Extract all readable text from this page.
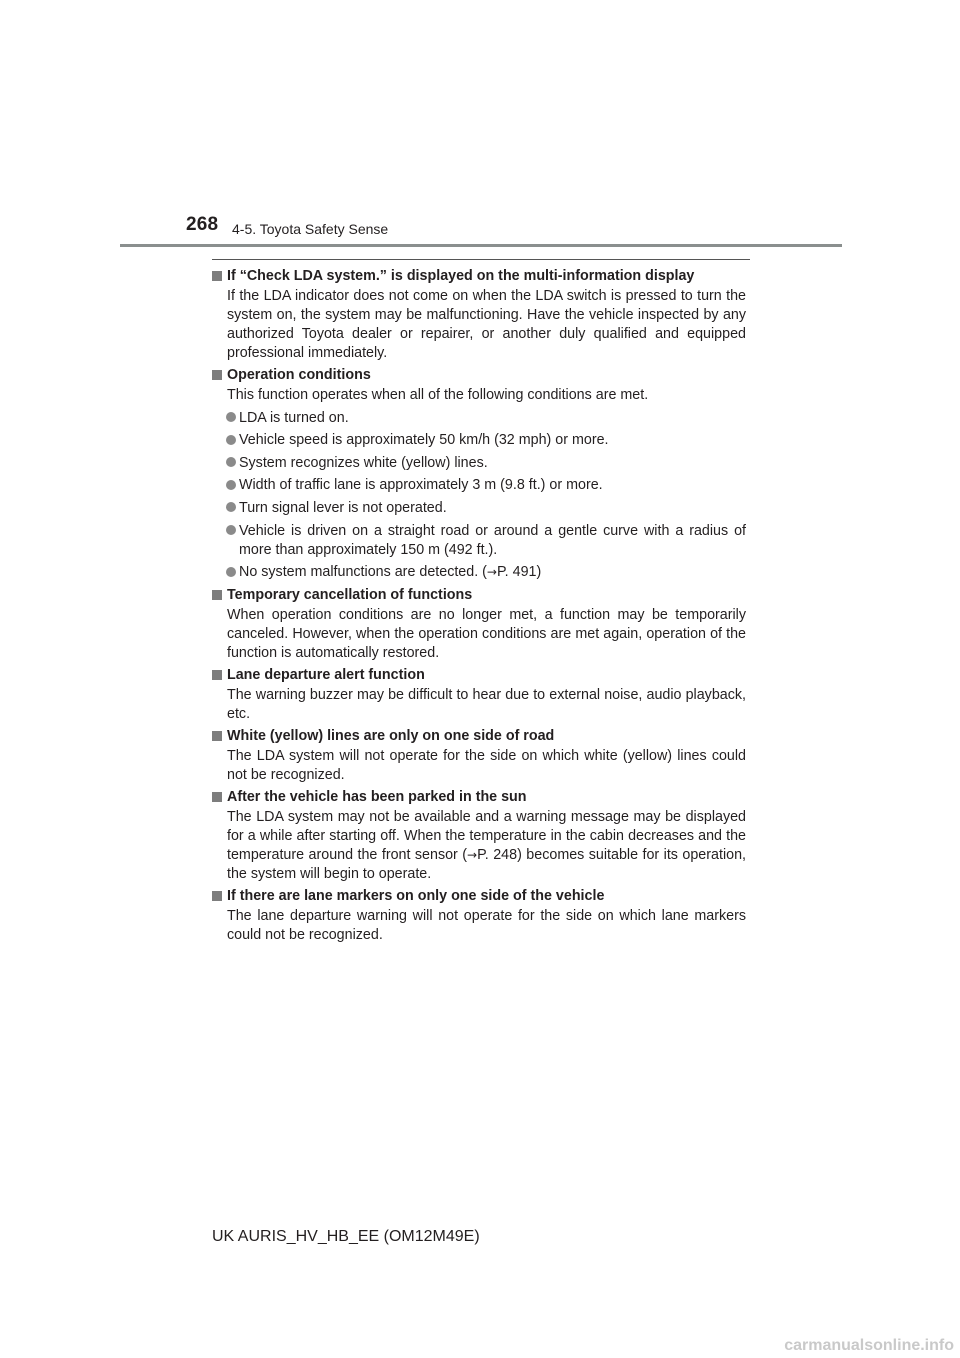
268 4-5. Toyota Safety Sense
If “Check LDA system.” is displayed on the multi-information display
If the LDA indicator does not come on when the LDA switch is pressed to turn the system on, the system may be malfunctioning. Have the vehicle inspected by any authorized Toyota dealer or repairer, or another duly qualified and equipped professional immediately.
Operation conditions
This function operates when all of the following conditions are met.
LDA is turned on.
Vehicle speed is approximately 50 km/h (32 mph) or more.
System recognizes white (yellow) lines.
Width of traffic lane is approximately 3 m (9.8 ft.) or more.
Turn signal lever is not operated.
Vehicle is driven on a straight road or around a gentle curve with a radius of more than approximately 150 m (492 ft.).
No system malfunctions are detected. (→P. 491)
Temporary cancellation of functions
When operation conditions are no longer met, a function may be temporarily canceled. However, when the operation conditions are met again, operation of the function is automatically restored.
Lane departure alert function
The warning buzzer may be difficult to hear due to external noise, audio playback, etc.
White (yellow) lines are only on one side of road
The LDA system will not operate for the side on which white (yellow) lines could not be recognized.
After the vehicle has been parked in the sun
The LDA system may not be available and a warning message may be displayed for a while after starting off. When the temperature in the cabin decreases and the temperature around the front sensor (→P. 248) becomes suitable for its operation, the system will begin to operate.
If there are lane markers on only one side of the vehicle
The lane departure warning will not operate for the side on which lane markers could not be recognized.
UK AURIS_HV_HB_EE (OM12M49E)
carmanualsonline.info
